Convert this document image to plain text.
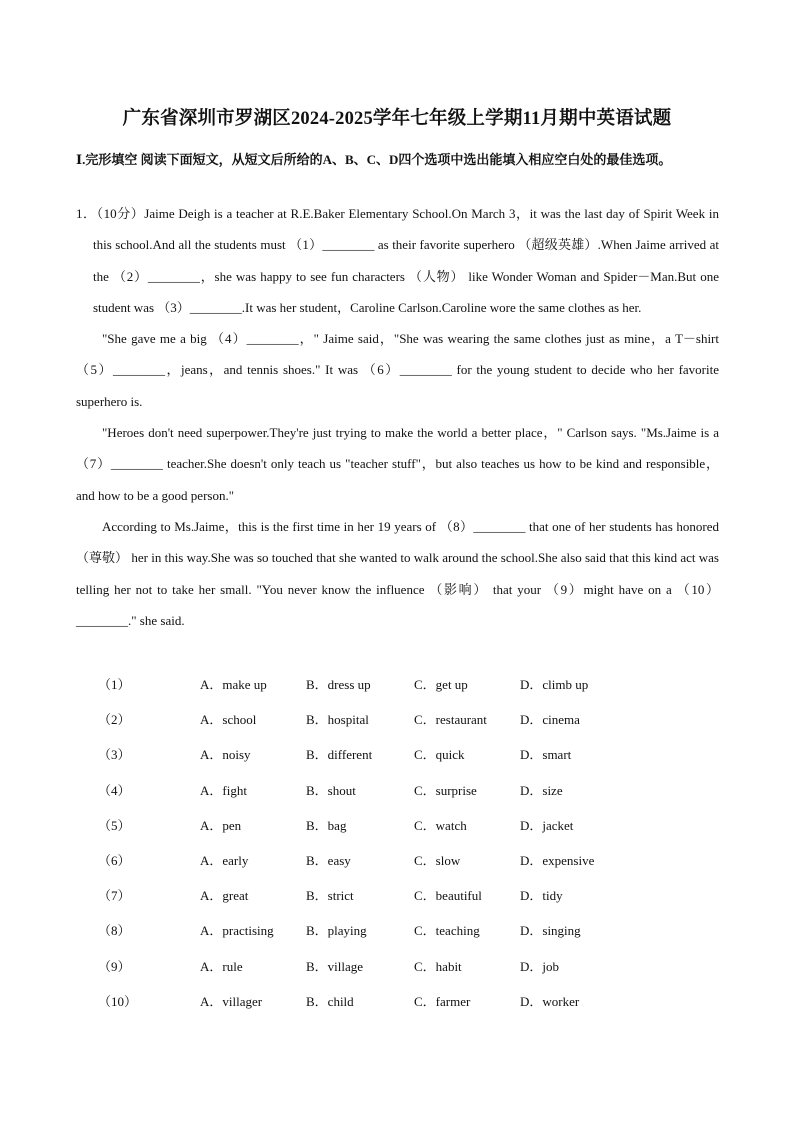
广东省深圳市罗湖区2024-2025学年七年级上学期11月期中英语试题
Ⅰ.完形填空 阅读下面短文，从短文后所给的A、B、C、D四个选项中选出能填入相应空白处的最佳选项。

1．（10分）Jaime Deigh is a teacher at R.E.Baker Elementary School.On March 3，it was the last day of Spirit Week in this school.And all the students must （1）________ as their favorite superhero （超级英雄）.When Jaime arrived at the （2）________，she was happy to see fun characters （人物） like Wonder Woman and Spider－Man.But one student was （3）________.It was her student，Caroline Carlson.Caroline wore the same clothes as her.

"She gave me a big （4）________，" Jaime said，"She was wearing the same clothes just as mine，a T－shirt（5）________，jeans，and tennis shoes." It was （6）________ for the young student to decide who her favorite superhero is.

"Heroes don't need superpower.They're just trying to make the world a better place，" Carlson says. "Ms.Jaime is a （7）________ teacher.She doesn't only teach us "teacher stuff"，but also teaches us how to be kind and responsible，and how to be a good person."

According to Ms.Jaime，this is the first time in her 19 years of （8）________ that one of her students has honored （尊敬） her in this way.She was so touched that she wanted to walk around the school.She also said that this kind act was telling her not to take her small. "You never know the influence （影响） that your （9）might have on a （10）________." she said.

（1）	A．make up	B．dress up	C．get up	D．climb up
（2）	A．school	B．hospital	C．restaurant	D．cinema
（3）	A．noisy	B．different	C．quick	D．smart
（4）	A．fight	B．shout	C．surprise	D．size
（5）	A．pen	B．bag	C．watch	D．jacket
（6）	A．early	B．easy	C．slow	D．expensive
（7）	A．great	B．strict	C．beautiful	D．tidy
（8）	A．practising B．playing	C．teaching	D．singing
（9）	A．rule	B．village	C．habit	D．job
（10）	A．villager	B．child	C．farmer	D．worker
